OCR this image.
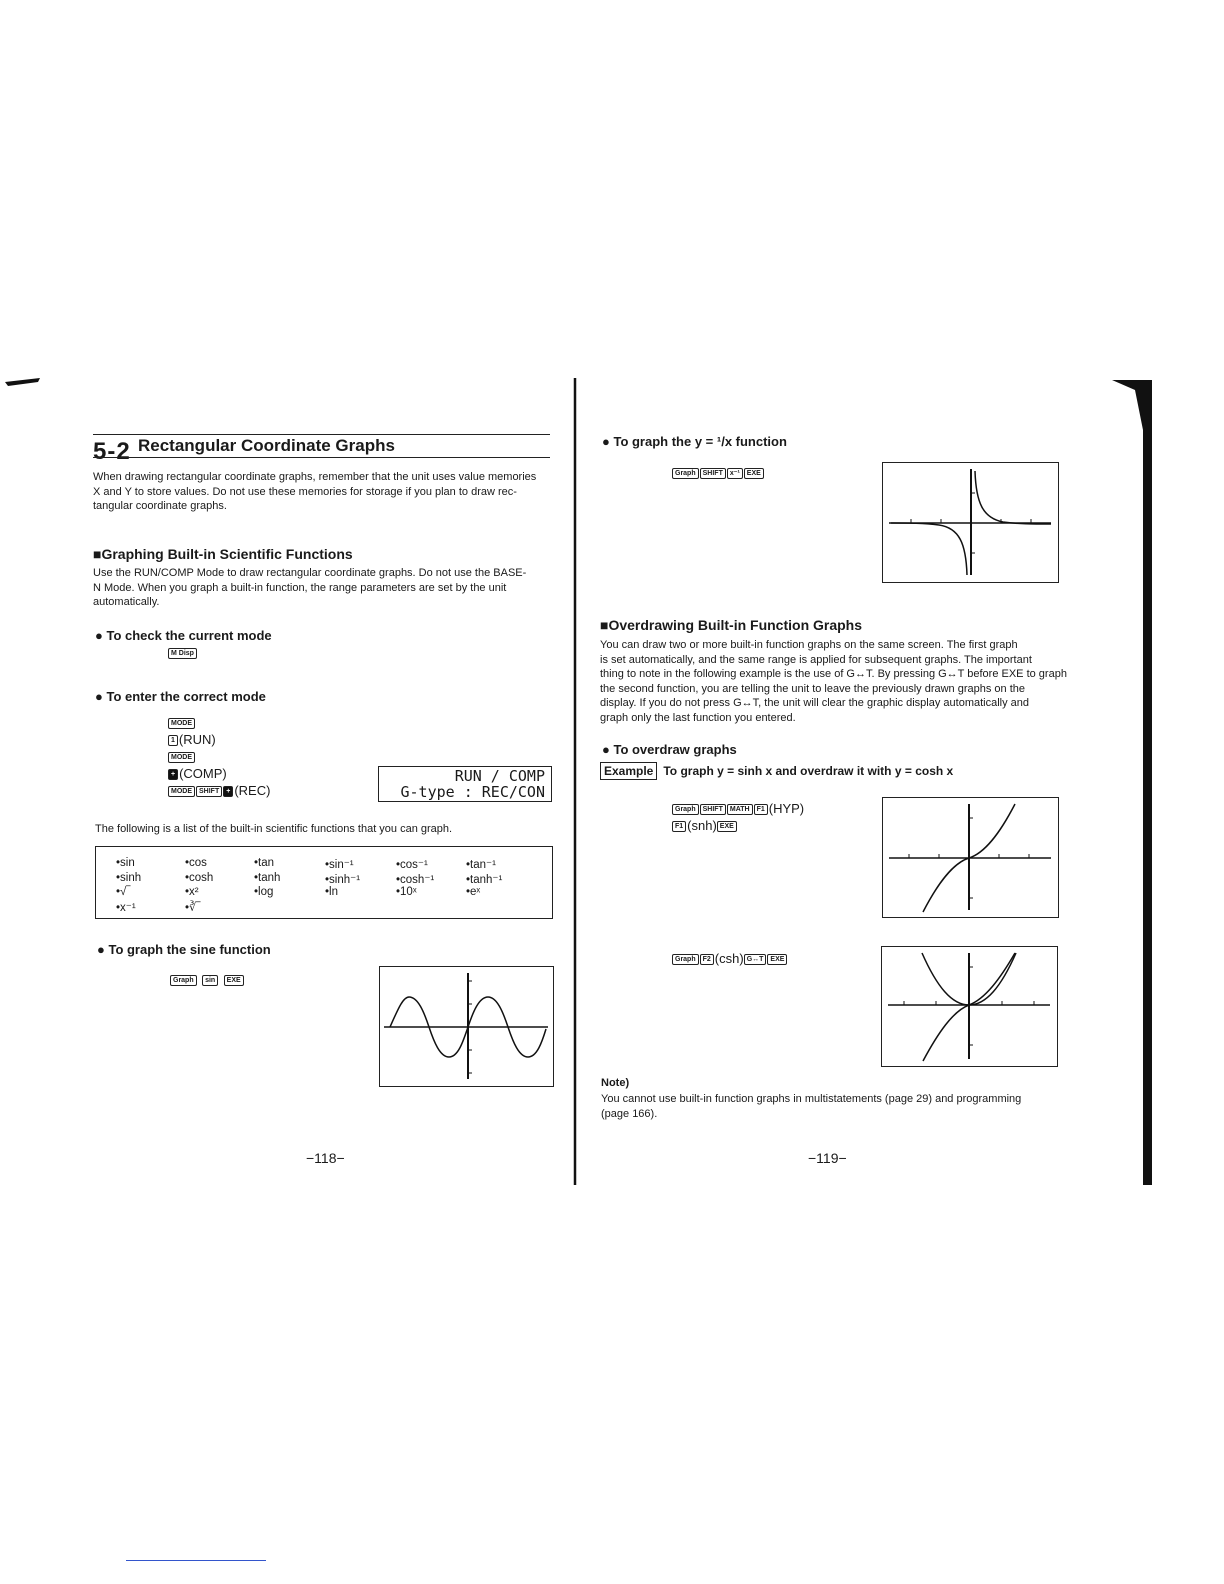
5-2 Rectangular Coordinate Graphs
When drawing rectangular coordinate graphs, remember that the unit uses value memories
X and Y to store values. Do not use these memories for storage if you plan to draw rec-
tangular coordinate graphs.
■Graphing Built-in Scientific Functions
Use the RUN/COMP Mode to draw rectangular coordinate graphs. Do not use the BASE-
N Mode. When you graph a built-in function, the range parameters are set by the unit
automatically.
● To check the current mode
M Disp
● To enter the correct mode
MODE
1 (RUN)
MODE
+ (COMP)
MODE SHIFT + (REC)
RUN / COMP
G-type : REC/CON
The following is a list of the built-in scientific functions that you can graph.
•sin	•cos	•tan	•sin⁻¹	•cos⁻¹	•tan⁻¹
•sinh	•cosh	•tanh	•sinh⁻¹	•cosh⁻¹	•tanh⁻¹
•√‾	•x²	•log	•ln	•10ˣ	•eˣ
•x⁻¹	•∛‾
● To graph the sine function
Graph sin EXE
−118−
● To graph the y = ¹/x function
Graph SHIFT x⁻¹ EXE
■Overdrawing Built-in Function Graphs
You can draw two or more built-in function graphs on the same screen. The first graph
is set automatically, and the same range is applied for subsequent graphs. The important
thing to note in the following example is the use of G↔T. By pressing G↔T before EXE to graph
the second function, you are telling the unit to leave the previously drawn graphs on the
display. If you do not press G↔T, the unit will clear the graphic display automatically and
graph only the last function you entered.
● To overdraw graphs
Example To graph y = sinh x and overdraw it with y = cosh x
Graph SHIFT MATH F1 (HYP)
F1 (snh) EXE
Graph F2 (csh) G↔T EXE
Note)
You cannot use built-in function graphs in multistatements (page 29) and programming
(page 166).
−119−
